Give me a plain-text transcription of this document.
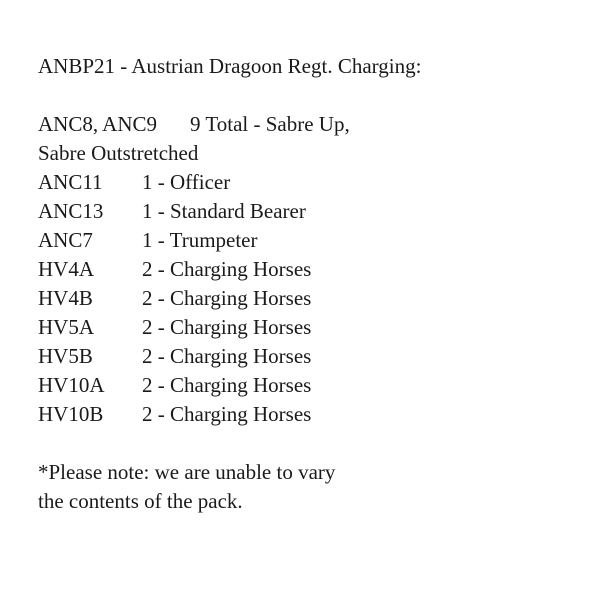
ANBP21 - Austrian Dragoon Regt. Charging:
ANC8, ANC9	9 Total - Sabre Up,
Sabre Outstretched
ANC11	1 - Officer
ANC13	1 - Standard Bearer
ANC7	1 - Trumpeter
HV4A	2 - Charging Horses
HV4B	2 - Charging Horses
HV5A	2 - Charging Horses
HV5B	2 - Charging Horses
HV10A	2 - Charging Horses
HV10B	2 - Charging Horses

*Please note: we are unable to vary the contents of the pack.
